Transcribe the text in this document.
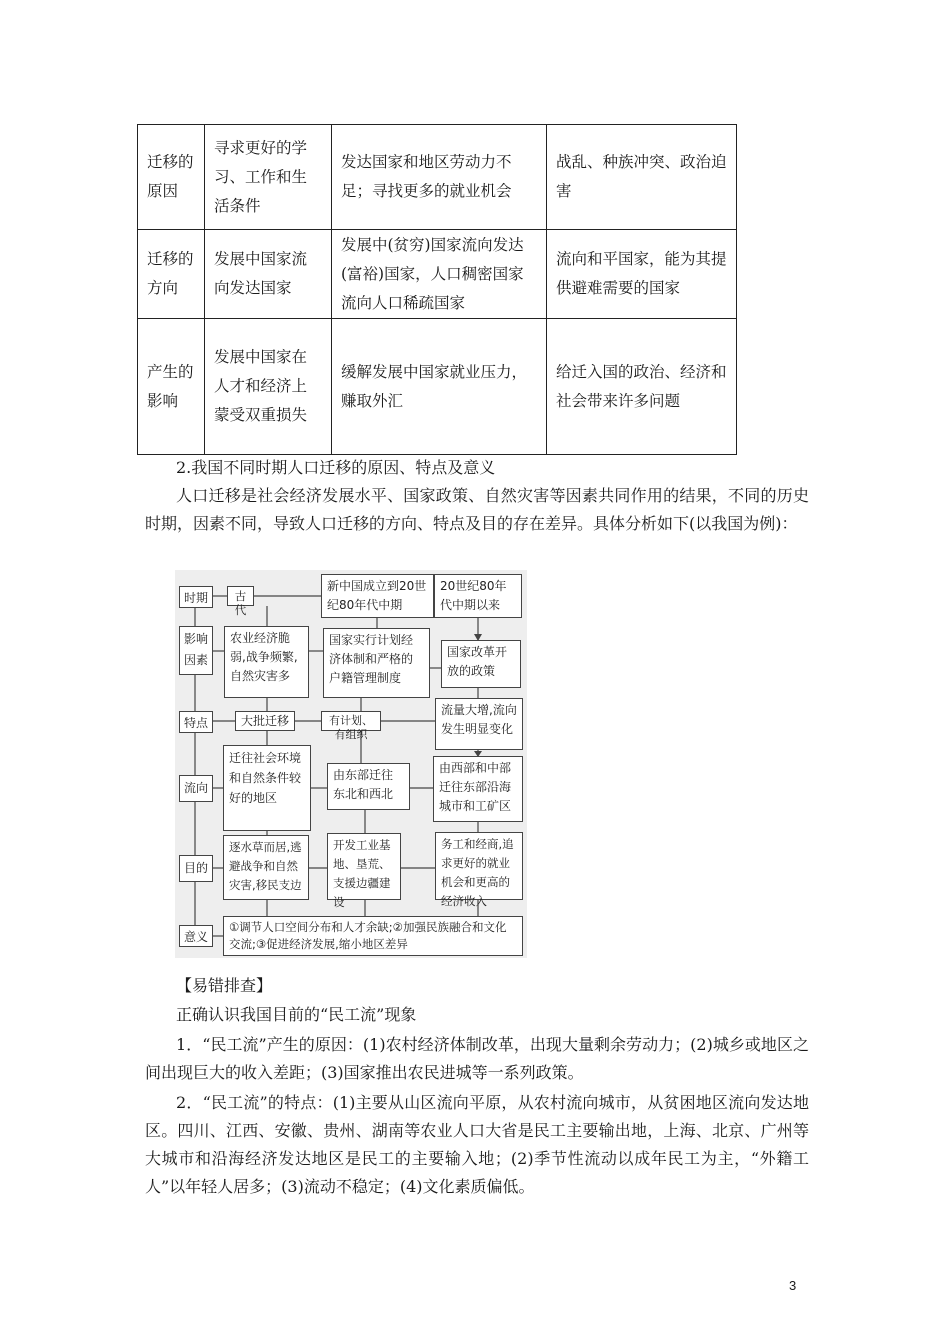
迁移的原因	寻求更好的学习、工作和生活条件	发达国家和地区劳动力不足；寻找更多的就业机会	战乱、种族冲突、政治迫害
迁移的方向	发展中国家流向发达国家	发展中(贫穷)国家流向发达(富裕)国家，人口稠密国家流向人口稀疏国家	流向和平国家，能为其提供避难需要的国家
产生的影响	发展中国家在人才和经济上蒙受双重损失	缓解发展中国家就业压力，赚取外汇	给迁入国的政治、经济和社会带来许多问题

2.我国不同时期人口迁移的原因、特点及意义

人口迁移是社会经济发展水平、国家政策、自然灾害等因素共同作用的结果，不同的历史时期，因素不同，导致人口迁移的方向、特点及目的存在差异。具体分析如下(以我国为例)：

时期
影响因素
特点
流向
目的
意义
古代
农业经济脆弱,战争频繁,自然灾害多
大批迁移
迁往社会环境和自然条件较好的地区
逐水草而居,逃避战争和自然灾害,移民支边
新中国成立到20世纪80年代中期
国家实行计划经济体制和严格的户籍管理制度
有计划、有组织
由东部迁往东北和西北
开发工业基地、垦荒、支援边疆建设
20世纪80年代中期以来
国家改革开放的政策
流量大增,流向发生明显变化
由西部和中部迁往东部沿海城市和工矿区
务工和经商,追求更好的就业机会和更高的经济收入
①调节人口空间分布和人才余缺;②加强民族融合和文化交流;③促进经济发展,缩小地区差异

【易错排查】

正确认识我国目前的“民工流”现象

1．“民工流”产生的原因：(1)农村经济体制改革，出现大量剩余劳动力；(2)城乡或地区之间出现巨大的收入差距；(3)国家推出农民进城等一系列政策。

2．“民工流”的特点：(1)主要从山区流向平原，从农村流向城市，从贫困地区流向发达地区。四川、江西、安徽、贵州、湖南等农业人口大省是民工主要输出地，上海、北京、广州等大城市和沿海经济发达地区是民工的主要输入地；(2)季节性流动以成年民工为主，“外籍工人”以年轻人居多；(3)流动不稳定；(4)文化素质偏低。

3
